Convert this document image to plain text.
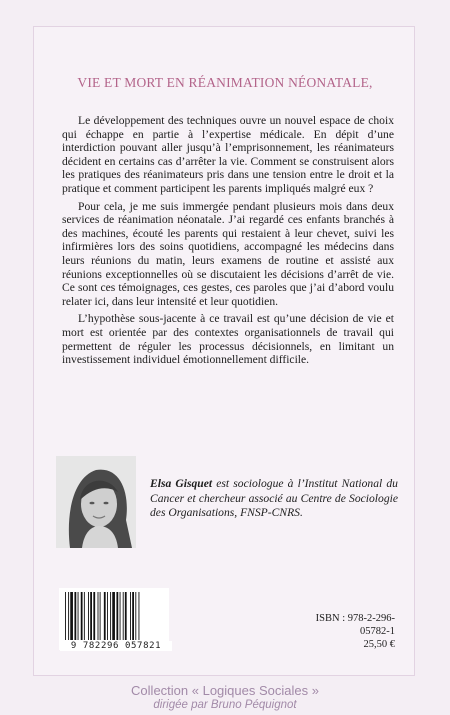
VIE ET MORT EN RÉANIMATION NÉONATALE,

Le développement des techniques ouvre un nouvel espace de choix qui échappe en partie à l’expertise médicale. En dépit d’une interdiction pouvant aller jusqu’à l’emprisonnement, les réanimateurs décident en certains cas d’arrêter la vie. Comment se construisent alors les pratiques des réanimateurs pris dans une tension entre le droit et la pratique et comment participent les parents impliqués malgré eux ?

Pour cela, je me suis immergée pendant plusieurs mois dans deux services de réanimation néonatale. J’ai regardé ces enfants branchés à des machines, écouté les parents qui restaient à leur chevet, suivi les infirmières lors des soins quotidiens, accompagné les médecins dans leurs réunions du matin, leurs examens de routine et assisté aux réunions exceptionnelles où se discutaient les décisions d’arrêt de vie. Ce sont ces témoignages, ces gestes, ces paroles que j’ai d’abord voulu relater ici, dans leur intensité et leur quotidien.

L’hypothèse sous-jacente à ce travail est qu’une décision de vie et mort est orientée par des contextes organisationnels de travail qui permettent de réguler les processus décisionnels, en limitant un investissement individuel émotionnellement difficile.

Elsa Gisquet est sociologue à l’Institut National du Cancer et chercheur associé au Centre de Sociologie des Organisations, FNSP-CNRS.
9 782296 057821
ISBN : 978-2-296-05782-1
25,50 €
Collection « Logiques Sociales »
dirigée par Bruno Péquignot
